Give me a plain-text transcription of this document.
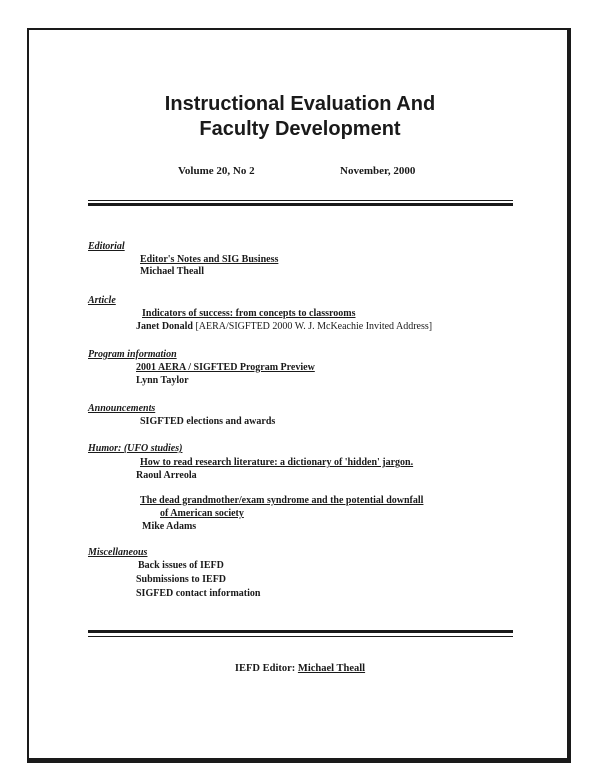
Instructional Evaluation And
Faculty Development
Volume 20, No 2	November, 2000
Editorial
Editor's Notes and SIG Business
Michael Theall
Article
Indicators of success: from concepts to classrooms
Janet Donald [AERA/SIGFTED 2000 W. J. McKeachie Invited Address]
Program information
2001 AERA / SIGFTED Program Preview
Lynn Taylor
Announcements
SIGFTED elections and awards
Humor: (UFO studies)
How to read research literature: a dictionary of 'hidden' jargon.
Raoul Arreola
The dead grandmother/exam syndrome and the potential downfall
of American society
Mike Adams
Miscellaneous
Back issues of IEFD
Submissions to IEFD
SIGFED contact information
IEFD Editor: Michael Theall
